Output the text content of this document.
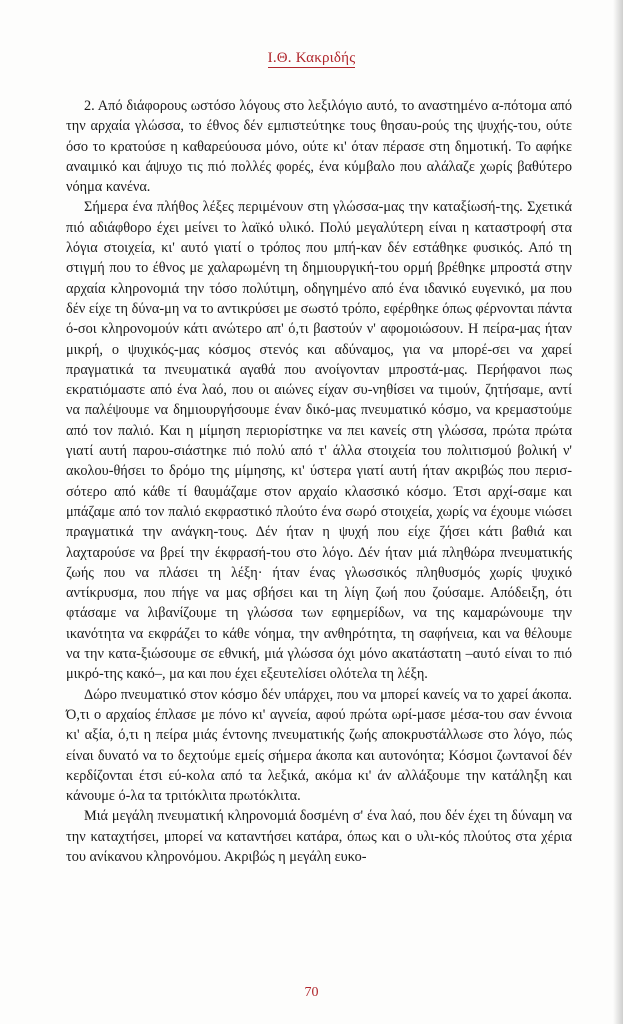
Ι.Θ. Κακριδής

2. Από διάφορους ωστόσο λόγους στο λεξιλόγιο αυτό, το αναστημένο α-πότομα από την αρχαία γλώσσα, το έθνος δέν εμπιστεύτηκε τους θησαυ-ρούς της ψυχής-του, ούτε όσο το κρατούσε η καθαρεύουσα μόνο, ούτε κι' όταν πέρασε στη δημοτική. Το αφήκε αναιμικό και άψυχο τις πιό πολλές φορές, ένα κύμβαλο που αλάλαζε χωρίς βαθύτερο νόημα κανένα.

Σήμερα ένα πλήθος λέξες περιμένουν στη γλώσσα-μας την καταξίωσή-της. Σχετικά πιό αδιάφθορο έχει μείνει το λαϊκό υλικό. Πολύ μεγαλύτερη είναι η καταστροφή στα λόγια στοιχεία, κι' αυτό γιατί ο τρόπος που μπή-καν δέν εστάθηκε φυσικός. Από τη στιγμή που το έθνος με χαλαρωμένη τη δημιουργική-του ορμή βρέθηκε μπροστά στην αρχαία κληρονομιά την τόσο πολύτιμη, οδηγημένο από ένα ιδανικό ευγενικό, μα που δέν είχε τη δύνα-μη να το αντικρύσει με σωστό τρόπο, εφέρθηκε όπως φέρνονται πάντα ό-σοι κληρονομούν κάτι ανώτερο απ' ό,τι βαστούν ν' αφομοιώσουν. Η πείρα-μας ήταν μικρή, ο ψυχικός-μας κόσμος στενός και αδύναμος, για να μπορέ-σει να χαρεί πραγματικά τα πνευματικά αγαθά που ανοίγονταν μπροστά-μας. Περήφανοι πως εκρατιόμαστε από ένα λαό, που οι αιώνες είχαν συ-νηθίσει να τιμούν, ζητήσαμε, αντί να παλέψουμε να δημιουργήσουμε έναν δικό-μας πνευματικό κόσμο, να κρεμαστούμε από τον παλιό. Και η μίμηση περιορίστηκε να πει κανείς στη γλώσσα, πρώτα πρώτα γιατί αυτή παρου-σιάστηκε πιό πολύ από τ' άλλα στοιχεία του πολιτισμού βολική ν' ακολου-θήσει το δρόμο της μίμησης, κι' ύστερα γιατί αυτή ήταν ακριβώς που περισ-σότερο από κάθε τί θαυμάζαμε στον αρχαίο κλασσικό κόσμο. Έτσι αρχί-σαμε και μπάζαμε από τον παλιό εκφραστικό πλούτο ένα σωρό στοιχεία, χωρίς να έχουμε νιώσει πραγματικά την ανάγκη-τους. Δέν ήταν η ψυχή που είχε ζήσει κάτι βαθιά και λαχταρούσε να βρεί την έκφρασή-του στο λόγο. Δέν ήταν μιά πληθώρα πνευματικής ζωής που να πλάσει τη λέξη· ήταν ένας γλωσσικός πληθυσμός χωρίς ψυχικό αντίκρυσμα, που πήγε να μας σβήσει και τη λίγη ζωή που ζούσαμε. Απόδειξη, ότι φτάσαμε να λιβανίζουμε τη γλώσσα των εφημερίδων, να της καμαρώνουμε την ικανότητα να εκφράζει το κάθε νόημα, την ανθηρότητα, τη σαφήνεια, και να θέλουμε να την κατα-ξιώσουμε σε εθνική, μιά γλώσσα όχι μόνο ακατάστατη –αυτό είναι το πιό μικρό-της κακό–, μα και που έχει εξευτελίσει ολότελα τη λέξη.

Δώρο πνευματικό στον κόσμο δέν υπάρχει, που να μπορεί κανείς να το χαρεί άκοπα. Ό,τι ο αρχαίος έπλασε με πόνο κι' αγνεία, αφού πρώτα ωρί-μασε μέσα-του σαν έννοια κι' αξία, ό,τι η πείρα μιάς έντονης πνευματικής ζωής αποκρυστάλλωσε στο λόγο, πώς είναι δυνατό να το δεχτούμε εμείς σήμερα άκοπα και αυτονόητα; Κόσμοι ζωντανοί δέν κερδίζονται έτσι εύ-κολα από τα λεξικά, ακόμα κι' άν αλλάξουμε την κατάληξη και κάνουμε ό-λα τα τριτόκλιτα πρωτόκλιτα.

Μιά μεγάλη πνευματική κληρονομιά δοσμένη σ' ένα λαό, που δέν έχει τη δύναμη να την καταχτήσει, μπορεί να καταντήσει κατάρα, όπως και ο υλι-κός πλούτος στα χέρια του ανίκανου κληρονόμου. Ακριβώς η μεγάλη ευκο-

70
